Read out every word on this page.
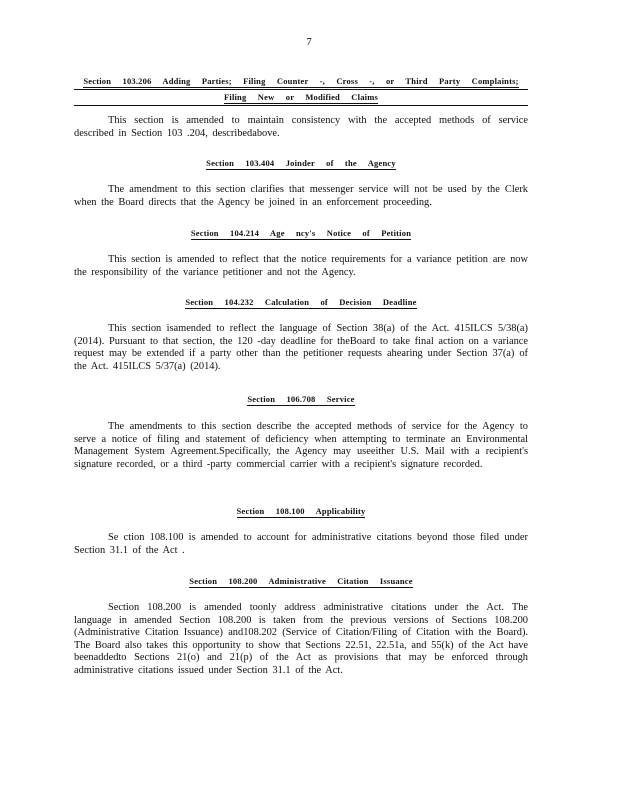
7
Section 103.206 Adding Parties; Filing Counter -, Cross -, or Third Party Complaints;
Filing New or Modified Claims
This section is amended to maintain consistency with the accepted methods of service described in Section 103 .204, describedabove.
Section 103.404 Joinder of the Agency
The amendment to this section clarifies that messenger service will not be used by the Clerk when the Board directs that the Agency be joined in an enforcement proceeding.
Section 104.214 Age ncy's Notice of Petition
This section is amended to reflect that the notice requirements for a variance petition are now the responsibility of the variance petitioner and not the Agency.
Section 104.232 Calculation of Decision Deadline
This section isamended to reflect the language of Section 38(a) of the Act. 415ILCS 5/38(a) (2014). Pursuant to that section, the 120 -day deadline for theBoard to take final action on a variance request may be extended if a party other than the petitioner requests ahearing under Section 37(a) of the Act. 415ILCS 5/37(a) (2014).
Section 106.708 Service
The amendments to this section describe the accepted methods of service for the Agency to serve a notice of filing and statement of deficiency when attempting to terminate an Environmental Management System Agreement.Specifically, the Agency may useeither U.S. Mail with a recipient's signature recorded, or a third -party commercial carrier with a recipient's signature recorded.
Section 108.100 Applicability
Se ction 108.100 is amended to account for administrative citations beyond those filed under Section 31.1 of the Act .
Section 108.200 Administrative Citation Issuance
Section 108.200 is amended toonly address administrative citations under the Act. The language in amended Section 108.200 is taken from the previous versions of Sections 108.200 (Administrative Citation Issuance) and108.202 (Service of Citation/Filing of Citation with the Board). The Board also takes this opportunity to show that Sections 22.51, 22.51a, and 55(k) of the Act have beenaddedto Sections 21(o) and 21(p) of the Act as provisions that may be enforced through administrative citations issued under Section 31.1 of the Act.
